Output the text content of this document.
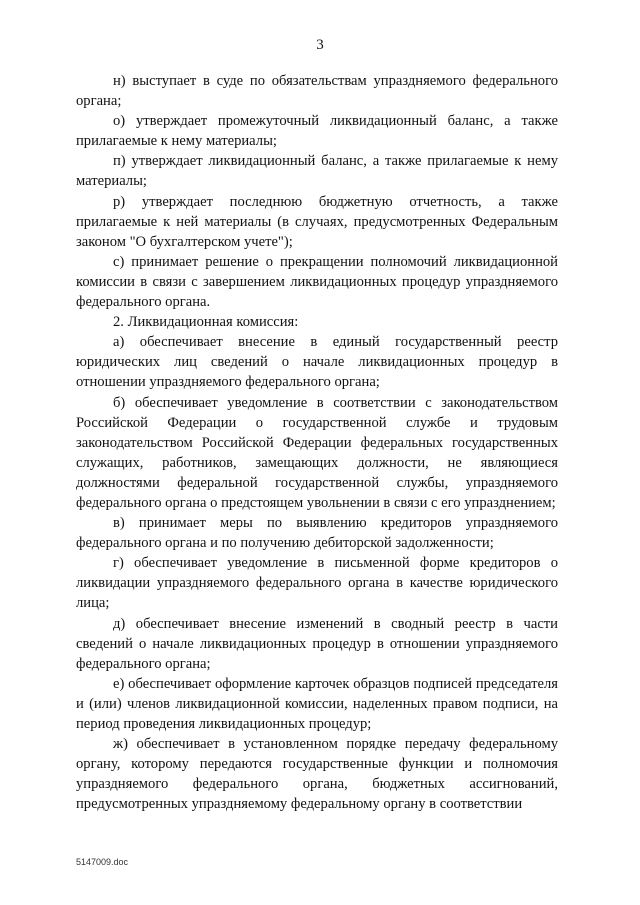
3

н) выступает в суде по обязательствам упраздняемого федерального органа;

о) утверждает промежуточный ликвидационный баланс, а также прилагаемые к нему материалы;

п) утверждает ликвидационный баланс, а также прилагаемые к нему материалы;

р) утверждает последнюю бюджетную отчетность, а также прилагаемые к ней материалы (в случаях, предусмотренных Федеральным законом "О бухгалтерском учете");

с) принимает решение о прекращении полномочий ликвидационной комиссии в связи с завершением ликвидационных процедур упраздняемого федерального органа.

2. Ликвидационная комиссия:

а) обеспечивает внесение в единый государственный реестр юридических лиц сведений о начале ликвидационных процедур в отношении упраздняемого федерального органа;

б) обеспечивает уведомление в соответствии с законодательством Российской Федерации о государственной службе и трудовым законодательством Российской Федерации федеральных государственных служащих, работников, замещающих должности, не являющиеся должностями федеральной государственной службы, упраздняемого федерального органа о предстоящем увольнении в связи с его упразднением;

в) принимает меры по выявлению кредиторов упраздняемого федерального органа и по получению дебиторской задолженности;

г) обеспечивает уведомление в письменной форме кредиторов о ликвидации упраздняемого федерального органа в качестве юридического лица;

д) обеспечивает внесение изменений в сводный реестр в части сведений о начале ликвидационных процедур в отношении упраздняемого федерального органа;

е) обеспечивает оформление карточек образцов подписей председателя и (или) членов ликвидационной комиссии, наделенных правом подписи, на период проведения ликвидационных процедур;

ж) обеспечивает в установленном порядке передачу федеральному органу, которому передаются государственные функции и полномочия упраздняемого федерального органа, бюджетных ассигнований, предусмотренных упраздняемому федеральному органу в соответствии

5147009.doc
